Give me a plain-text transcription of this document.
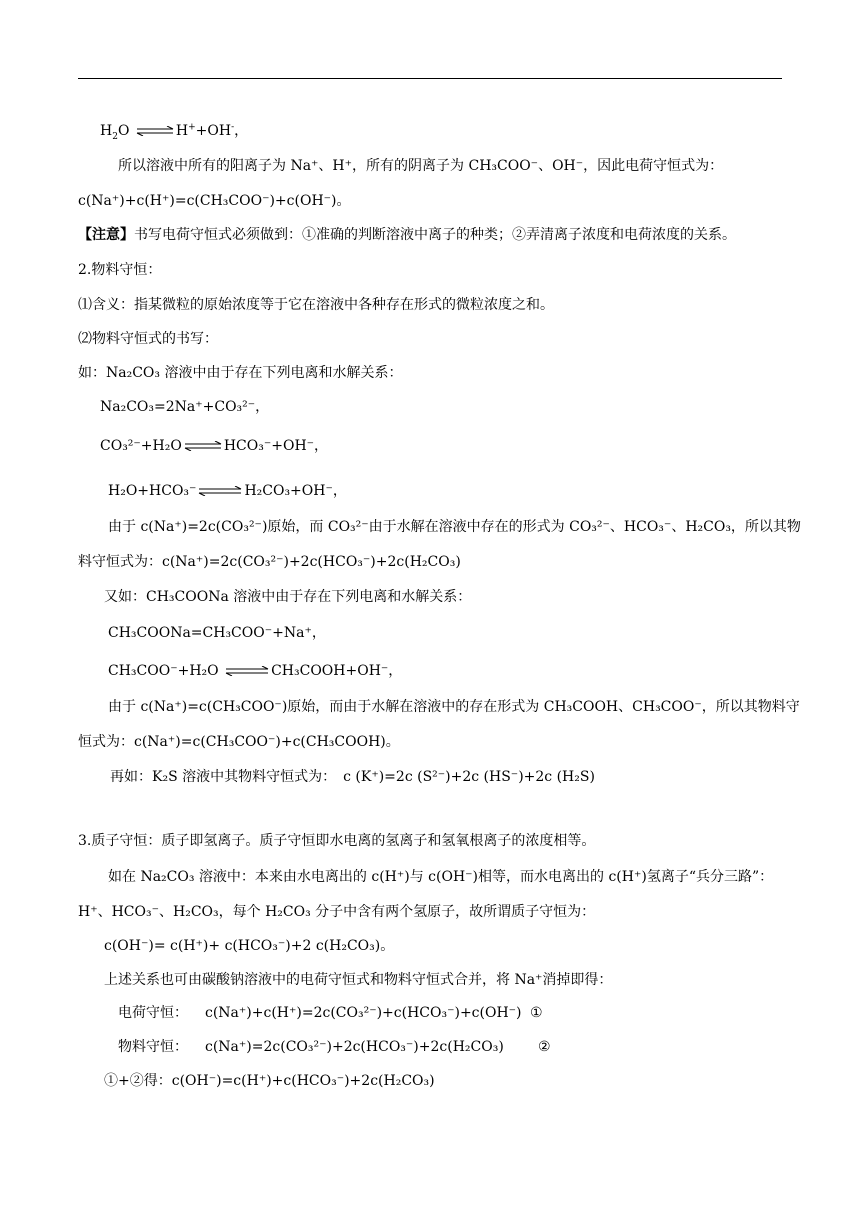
$H_2O$ ⇌H++OH-，
所以溶液中所有的阳离子为 Na⁺、H⁺，所有的阴离子为 CH₃COO⁻、OH⁻，因此电荷守恒式为：
c(Na⁺)+c(H⁺)=c(CH₃COO⁻)+c(OH⁻)。
【注意】书写电荷守恒式必须做到：①准确的判断溶液中离子的种类；②弄清离子浓度和电荷浓度的关系。
2.物料守恒：
⑴含义：指某微粒的原始浓度等于它在溶液中各种存在形式的微粒浓度之和。
⑵物料守恒式的书写：
如：Na₂CO₃ 溶液中由于存在下列电离和水解关系：
Na₂CO₃=2Na⁺+CO₃²⁻，
CO₃²⁻+H₂O⇌HCO₃⁻+OH⁻，
H₂O+HCO₃⁻⇌H₂CO₃+OH⁻，
由于 c(Na⁺)=2c(CO₃²⁻)原始，而 CO₃²⁻由于水解在溶液中存在的形式为 CO₃²⁻、HCO₃⁻、H₂CO₃，所以其物
料守恒式为：c(Na⁺)=2c(CO₃²⁻)+2c(HCO₃⁻)+2c(H₂CO₃)
又如：CH₃COONa 溶液中由于存在下列电离和水解关系：
CH₃COONa=CH₃COO⁻+Na⁺，
CH₃COO⁻+H₂O ⇌CH₃COOH+OH⁻，
由于 c(Na⁺)=c(CH₃COO⁻)原始，而由于水解在溶液中的存在形式为 CH₃COOH、CH₃COO⁻，所以其物料守
恒式为：c(Na⁺)=c(CH₃COO⁻)+c(CH₃COOH)。
再如：K₂S 溶液中其物料守恒式为：　c (K⁺)=2c (S²⁻)+2c (HS⁻)+2c (H₂S)
3.质子守恒：质子即氢离子。质子守恒即水电离的氢离子和氢氧根离子的浓度相等。
如在 Na₂CO₃ 溶液中：本来由水电离出的 c(H⁺)与 c(OH⁻)相等，而水电离出的 c(H⁺)氢离子“兵分三路”：
H⁺、HCO₃⁻、H₂CO₃，每个 H₂CO₃ 分子中含有两个氢原子，故所谓质子守恒为：
c(OH⁻)= c(H⁺)+ c(HCO₃⁻)+2 c(H₂CO₃)。
上述关系也可由碳酸钠溶液中的电荷守恒式和物料守恒式合并，将 Na⁺消掉即得：
电荷守恒： c(Na⁺)+c(H⁺)=2c(CO₃²⁻)+c(HCO₃⁻)+c(OH⁻) ①
物料守恒： c(Na⁺)=2c(CO₃²⁻)+2c(HCO₃⁻)+2c(H₂CO₃) ②
①+②得：c(OH⁻)=c(H⁺)+c(HCO₃⁻)+2c(H₂CO₃)
